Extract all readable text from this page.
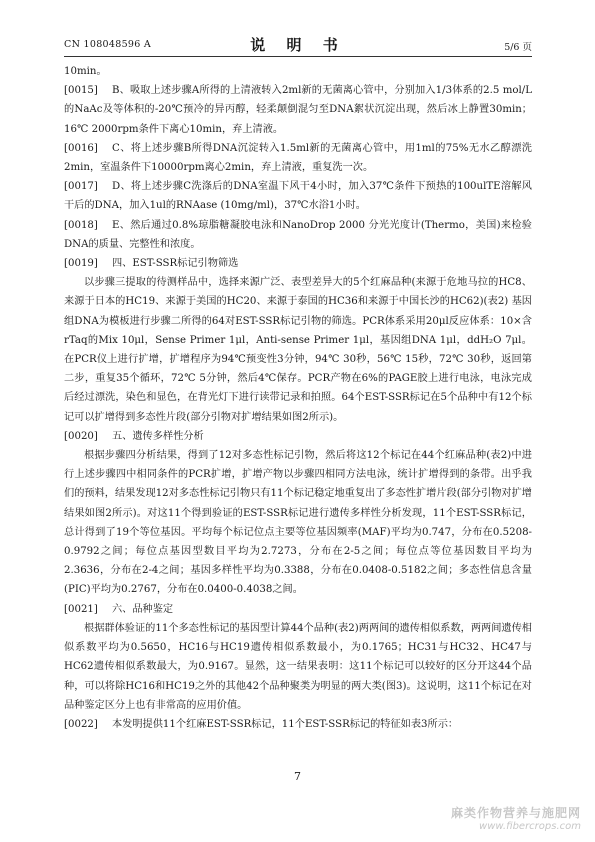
CN 108048596 A	说 明 书	5/6 页

10min。

[0015] B、吸取上述步骤A所得的上清液转入2ml新的无菌离心管中，分别加入1/3体系的2.5 mol/L的NaAc及等体积的-20℃预冷的异丙醇，轻柔颠倒混匀至DNA絮状沉淀出现，然后冰上静置30min；16℃ 2000rpm条件下离心10min，弃上清液。

[0016] C、将上述步骤B所得DNA沉淀转入1.5ml新的无菌离心管中，用1ml的75%无水乙醇漂洗2min，室温条件下10000rpm离心2min，弃上清液，重复洗一次。

[0017] D、将上述步骤C洗涤后的DNA室温下风干4小时，加入37℃条件下预热的100ulTE溶解风干后的DNA，加入1ul的RNAase (10mg/ml)，37℃水浴1小时。

[0018] E、然后通过0.8%琼脂糖凝胶电泳和NanoDrop 2000 分光光度计(Thermo，美国)来检验DNA的质量、完整性和浓度。

[0019] 四、EST-SSR标记引物筛选

以步骤三提取的待测样品中，选择来源广泛、表型差异大的5个红麻品种(来源于危地马拉的HC8、来源于日本的HC19、来源于美国的HC20、来源于泰国的HC36和来源于中国长沙的HC62)(表2) 基因组DNA为模板进行步骤二所得的64对EST-SSR标记引物的筛选。PCR体系采用20μl反应体系：10×含rTaq的Mix 10μl，Sense Primer 1μl，Anti-sense Primer 1μl，基因组DNA 1μl，ddH₂O 7μl。在PCR仪上进行扩增，扩增程序为94℃预变性3分钟，94℃ 30秒，56℃ 15秒，72℃ 30秒，返回第二步，重复35个循环，72℃ 5分钟，然后4℃保存。PCR产物在6%的PAGE胶上进行电泳，电泳完成后经过漂洗，染色和显色，在背光灯下进行读带记录和拍照。64个EST-SSR标记在5个品种中有12个标记可以扩增得到多态性片段(部分引物对扩增结果如图2所示)。

[0020] 五、遗传多样性分析

根据步骤四分析结果，得到了12对多态性标记引物，然后将这12个标记在44个红麻品种(表2)中进行上述步骤四中相同条件的PCR扩增，扩增产物以步骤四相同方法电泳，统计扩增得到的条带。出乎我们的预料，结果发现12对多态性标记引物只有11个标记稳定地重复出了多态性扩增片段(部分引物对扩增结果如图2所示)。对这11个得到验证的EST-SSR标记进行遗传多样性分析发现，11个EST-SSR标记，总计得到了19个等位基因。平均每个标记位点主要等位基因频率(MAF)平均为0.747，分布在0.5208-0.9792之间；每位点基因型数目平均为2.7273，分布在2-5之间；每位点等位基因数目平均为2.3636，分布在2-4之间；基因多样性平均为0.3388，分布在0.0408-0.5182之间；多态性信息含量(PIC)平均为0.2767，分布在0.0400-0.4038之间。

[0021] 六、品种鉴定

根据群体验证的11个多态性标记的基因型计算44个品种(表2)两两间的遗传相似系数，两两间遗传相似系数平均为0.5650，HC16与HC19遗传相似系数最小，为0.1765；HC31与HC32、HC47与HC62遗传相似系数最大，为0.9167。显然，这一结果表明：这11个标记可以较好的区分开这44个品种，可以将除HC16和HC19之外的其他42个品种聚类为明显的两大类(图3)。这说明，这11个标记在对品种鉴定区分上也有非常高的应用价值。

[0022] 本发明提供11个红麻EST-SSR标记，11个EST-SSR标记的特征如表3所示：

7
麻类作物营养与施肥网
www.fibercrops.com
